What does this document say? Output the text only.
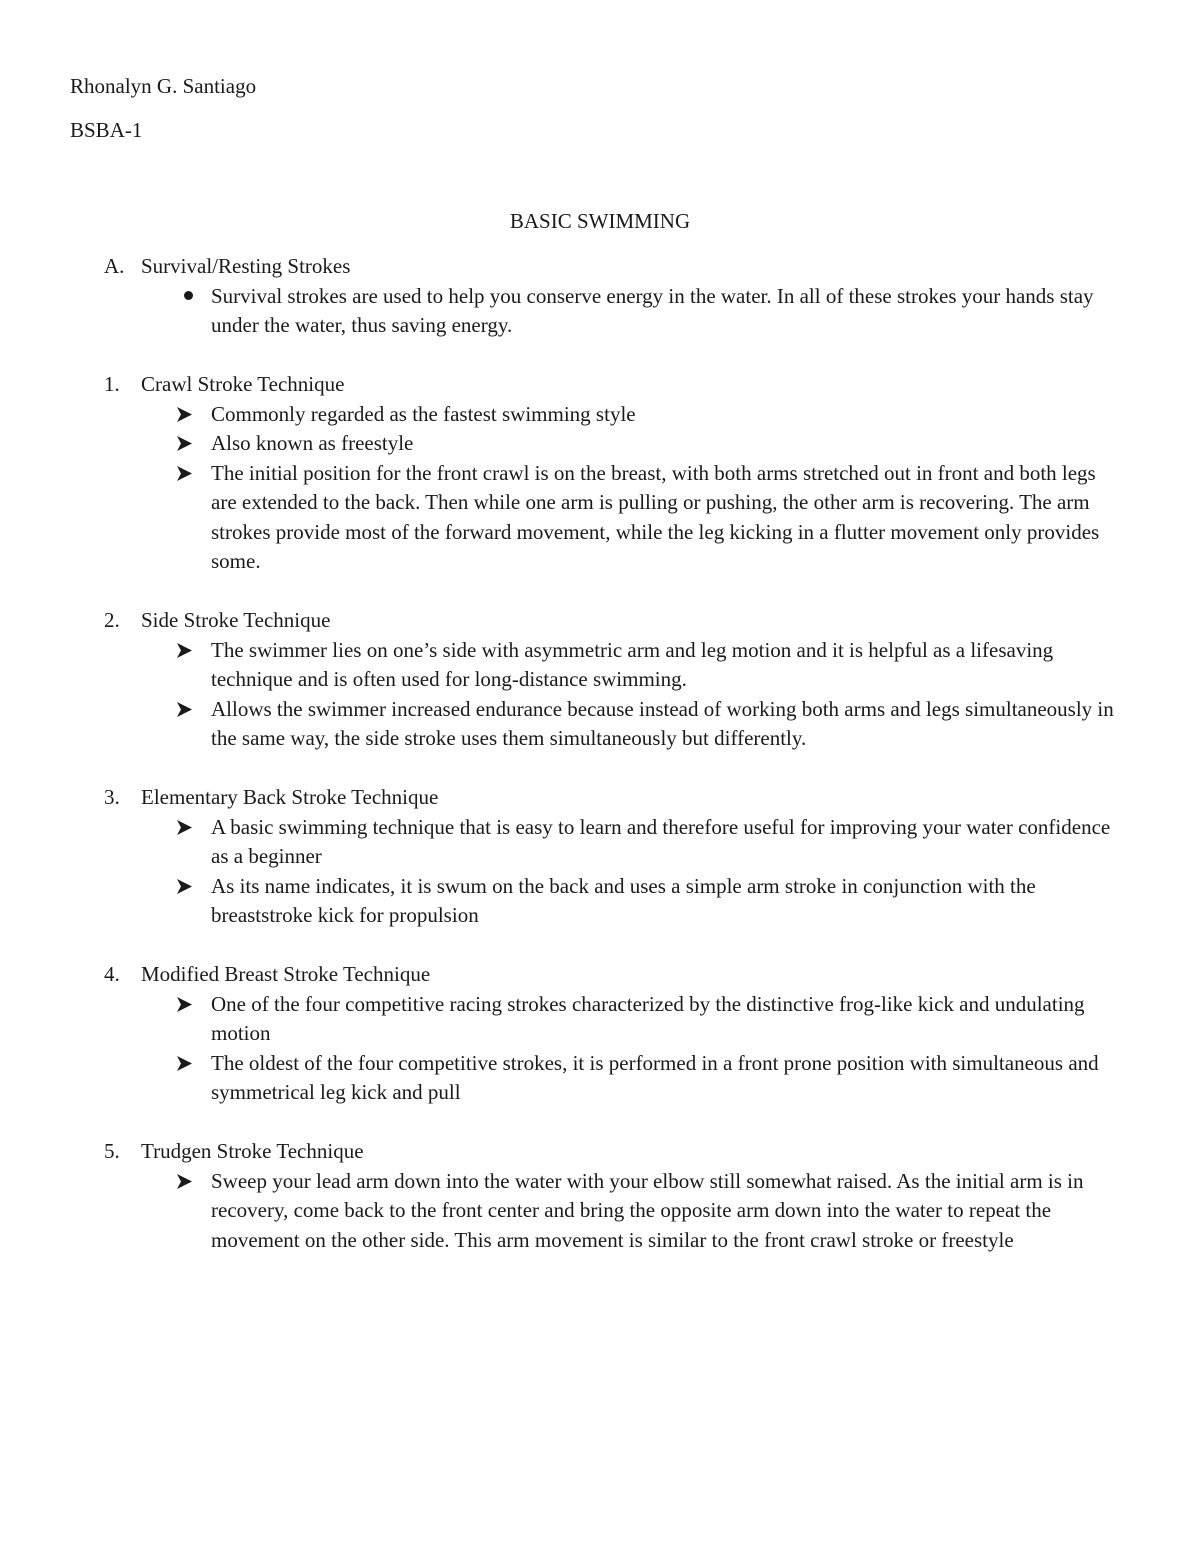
Rhonalyn G. Santiago
BSBA-1
BASIC SWIMMING
A. Survival/Resting Strokes
Survival strokes are used to help you conserve energy in the water. In all of these strokes your hands stay under the water, thus saving energy.
1. Crawl Stroke Technique
Commonly regarded as the fastest swimming style
Also known as freestyle
The initial position for the front crawl is on the breast, with both arms stretched out in front and both legs are extended to the back. Then while one arm is pulling or pushing, the other arm is recovering. The arm strokes provide most of the forward movement, while the leg kicking in a flutter movement only provides some.
2. Side Stroke Technique
The swimmer lies on one’s side with asymmetric arm and leg motion and it is helpful as a lifesaving technique and is often used for long-distance swimming.
Allows the swimmer increased endurance because instead of working both arms and legs simultaneously in the same way, the side stroke uses them simultaneously but differently.
3. Elementary Back Stroke Technique
A basic swimming technique that is easy to learn and therefore useful for improving your water confidence as a beginner
As its name indicates, it is swum on the back and uses a simple arm stroke in conjunction with the breaststroke kick for propulsion
4. Modified Breast Stroke Technique
One of the four competitive racing strokes characterized by the distinctive frog-like kick and undulating motion
The oldest of the four competitive strokes, it is performed in a front prone position with simultaneous and symmetrical leg kick and pull
5. Trudgen Stroke Technique
Sweep your lead arm down into the water with your elbow still somewhat raised. As the initial arm is in recovery, come back to the front center and bring the opposite arm down into the water to repeat the movement on the other side. This arm movement is similar to the front crawl stroke or freestyle
